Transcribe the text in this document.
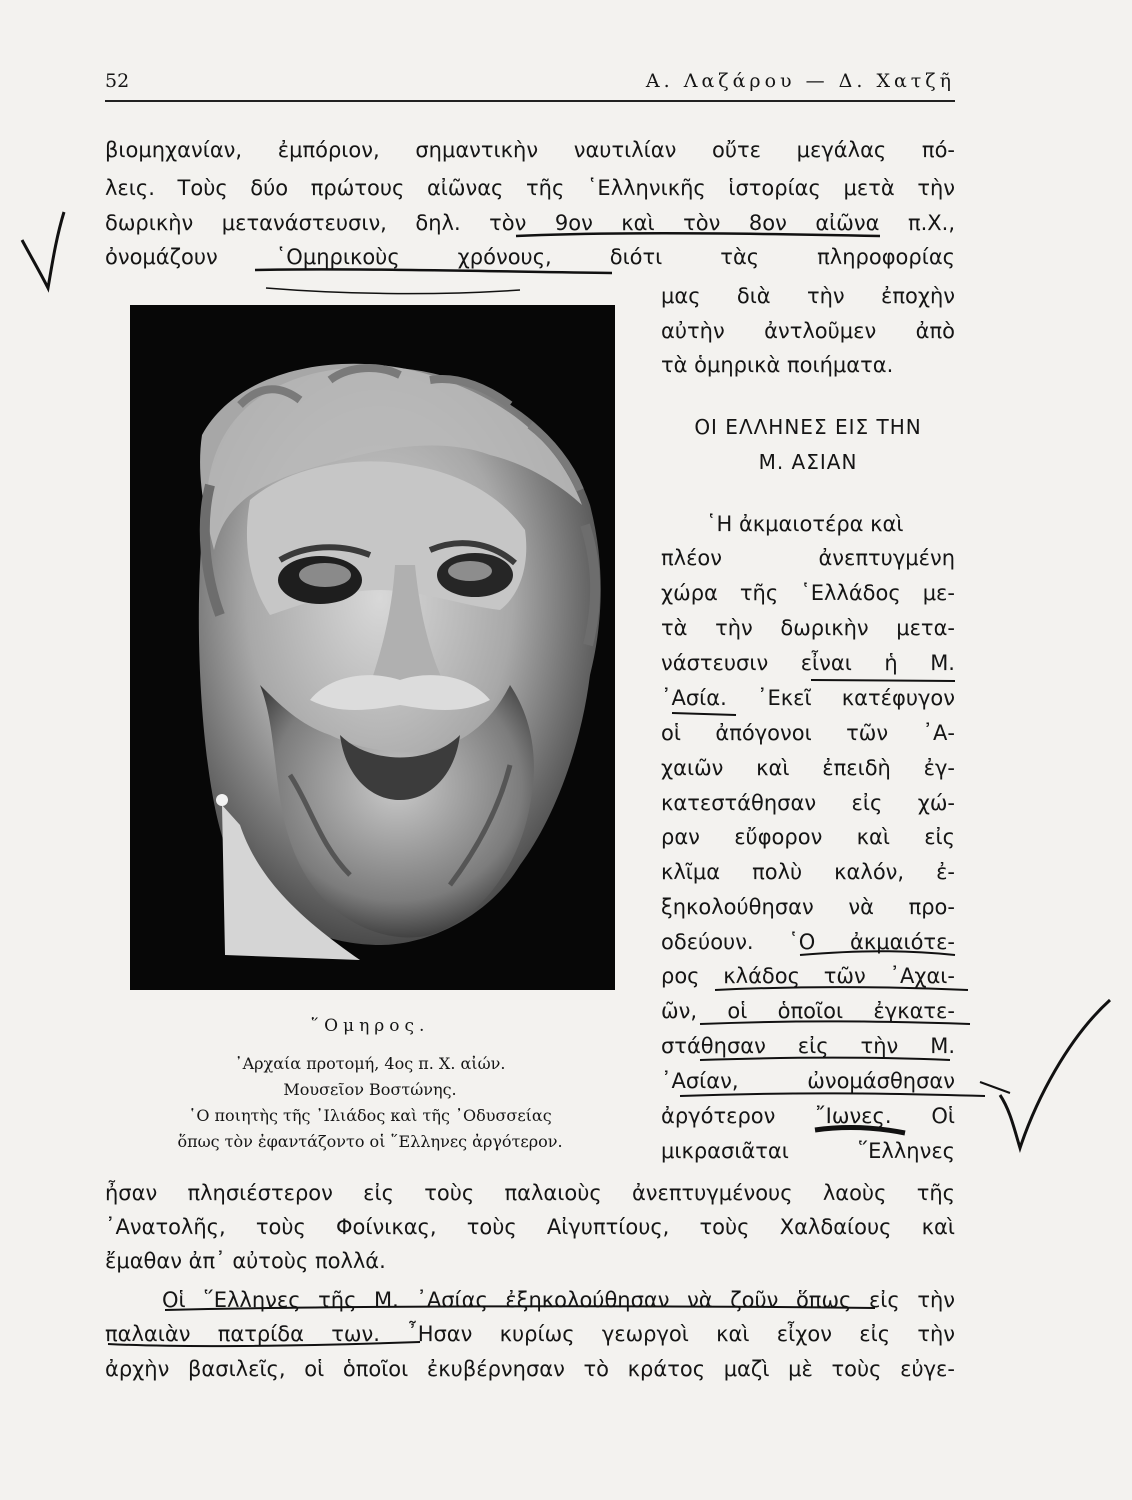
52	Α. Λαζάρου — Δ. Χατζῆ
βιομηχανίαν, ἐμπόριον, σημαντικὴν ναυτιλίαν οὔτε μεγάλας πό-
λεις. Τοὺς δύο πρώτους αἰῶνας τῆς ῾Ελληνικῆς ἱστορίας μετὰ τὴν
δωρικὴν μετανάστευσιν, δηλ. τὸν 9ον καὶ τὸν 8ον αἰῶνα π.Χ.,
ὀνομάζουν ῾Ομηρικοὺς χρόνους, διότι τὰς πληροφορίας
μας διὰ τὴν ἐποχὴν
αὐτὴν ἀντλοῦμεν ἀπὸ
τὰ ὁμηρικὰ ποιήματα.
ΟΙ ΕΛΛΗΝΕΣ ΕΙΣ ΤΗΝ
Μ. ΑΣΙΑΝ
῾Η ἀκμαιοτέρα καὶ
πλέον ἀνεπτυγμένη
χώρα τῆς ῾Ελλάδος με-
τὰ τὴν δωρικὴν μετα-
νάστευσιν εἶναι ἡ Μ.
᾿Ασία. ᾿Εκεῖ κατέφυγον
οἱ ἀπόγονοι τῶν ᾿Α-
χαιῶν καὶ ἐπειδὴ ἐγ-
κατεστάθησαν εἰς χώ-
ραν εὔφορον καὶ εἰς
κλῖμα πολὺ καλόν, ἐ-
ξηκολούθησαν νὰ προ-
οδεύουν. ῾Ο ἀκμαιότε-
ρος κλάδος τῶν ᾿Αχαι-
ῶν, οἱ ὁποῖοι ἐγκατε-
στάθησαν εἰς τὴν Μ.
᾿Ασίαν, ὠνομάσθησαν
ἀργότερον ῎Ιωνες. Οἱ
μικρασιᾶται ῞Ελληνες
῞Ομηρος.
᾿Αρχαία προτομή, 4ος π. Χ. αἰών.
Μουσεῖον Βοστώνης.
῾Ο ποιητὴς τῆς ᾿Ιλιάδος καὶ τῆς ᾿Οδυσσείας
ὅπως τὸν ἐφαντάζοντο οἱ ῞Ελληνες ἀργότερον.
ἦσαν πλησιέστερον εἰς τοὺς παλαιοὺς ἀνεπτυγμένους λαοὺς τῆς
᾿Ανατολῆς, τοὺς Φοίνικας, τοὺς Αἰγυπτίους, τοὺς Χαλδαίους καὶ
ἔμαθαν ἀπ᾿ αὐτοὺς πολλά.
Οἱ ῞Ελληνες τῆς Μ. ᾿Ασίας ἐξηκολούθησαν νὰ ζοῦν ὅπως εἰς τὴν
παλαιὰν πατρίδα των. ῏Ησαν κυρίως γεωργοὶ καὶ εἶχον εἰς τὴν
ἀρχὴν βασιλεῖς, οἱ ὁποῖοι ἐκυβέρνησαν τὸ κράτος μαζὶ μὲ τοὺς εὐγε-
